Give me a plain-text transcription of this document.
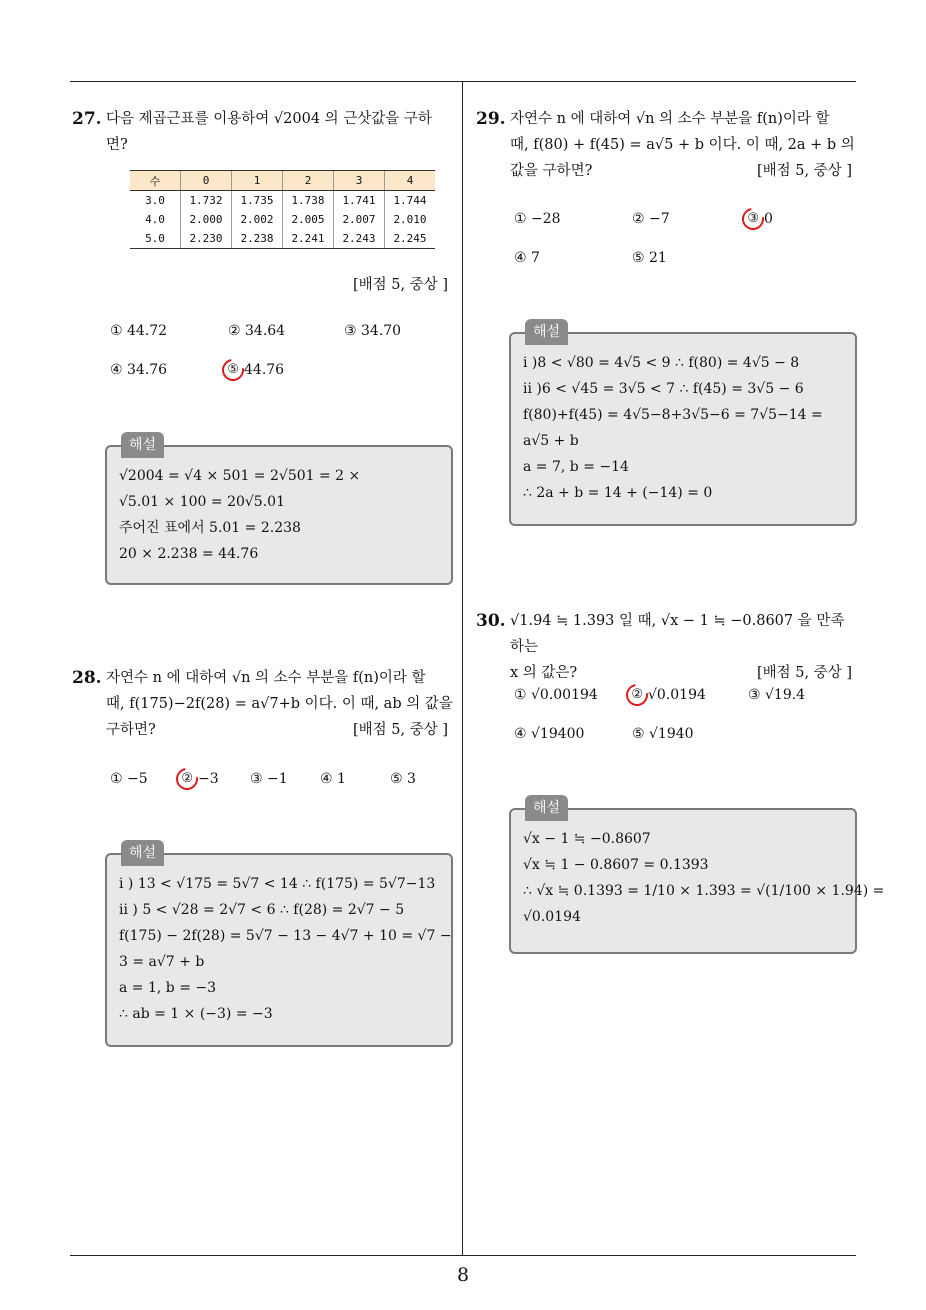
8
27. 다음 제곱근표를 이용하여 √2004 의 근삿값을 구하

면?

수	0	1	2	3	4
3.0	1.732	1.735	1.738	1.741	1.744
4.0	2.000	2.002	2.005	2.007	2.010
5.0	2.230	2.238	2.241	2.243	2.245
[배점 5, 중상 ]
① 44.72	② 34.64	③ 34.70
④ 34.76	⑤ 44.76
해설

√2004 = √4 × 501 = 2√501 = 2 ×

√5.01 × 100 = 20√5.01

주어진 표에서 5.01 = 2.238

20 × 2.238 = 44.76

28. 자연수 n 에 대하여 √n 의 소수 부분을 f(n)이라 할

때, f(175)−2f(28) = a√7+b 이다. 이 때, ab 의 값을

구하면?	[배점 5, 중상 ]

① −5	② −3 ③ −1 ④ 1	⑤ 3
해설

i ) 13 < √175 = 5√7 < 14 ∴ f(175) = 5√7−13

ii ) 5 < √28 = 2√7 < 6 ∴ f(28) = 2√7 − 5

f(175) − 2f(28) = 5√7 − 13 − 4√7 + 10 = √7 −

3 = a√7 + b

a = 1, b = −3

∴ ab = 1 × (−3) = −3

29. 자연수 n 에 대하여 √n 의 소수 부분을 f(n)이라 할

때, f(80) + f(45) = a√5 + b 이다. 이 때, 2a + b 의

값을 구하면?	[배점 5, 중상 ]

① −28	② −7	③ 0
④ 7	⑤ 21
해설

i )8 < √80 = 4√5 < 9 ∴ f(80) = 4√5 − 8

ii )6 < √45 = 3√5 < 7 ∴ f(45) = 3√5 − 6

f(80)+f(45) = 4√5−8+3√5−6 = 7√5−14 =

a√5 + b

a = 7, b = −14

∴ 2a + b = 14 + (−14) = 0

30. √1.94 ≒ 1.393 일 때, √x − 1 ≒ −0.8607 을 만족하는

x 의 값은?	[배점 5, 중상 ]

① √0.00194	② √0.0194	③ √19.4
④ √19400	⑤ √1940
해설

√x − 1 ≒ −0.8607

√x ≒ 1 − 0.8607 = 0.1393

∴ √x ≒ 0.1393 = 1/10 × 1.393 = √(1/100 × 1.94) =

√0.0194
